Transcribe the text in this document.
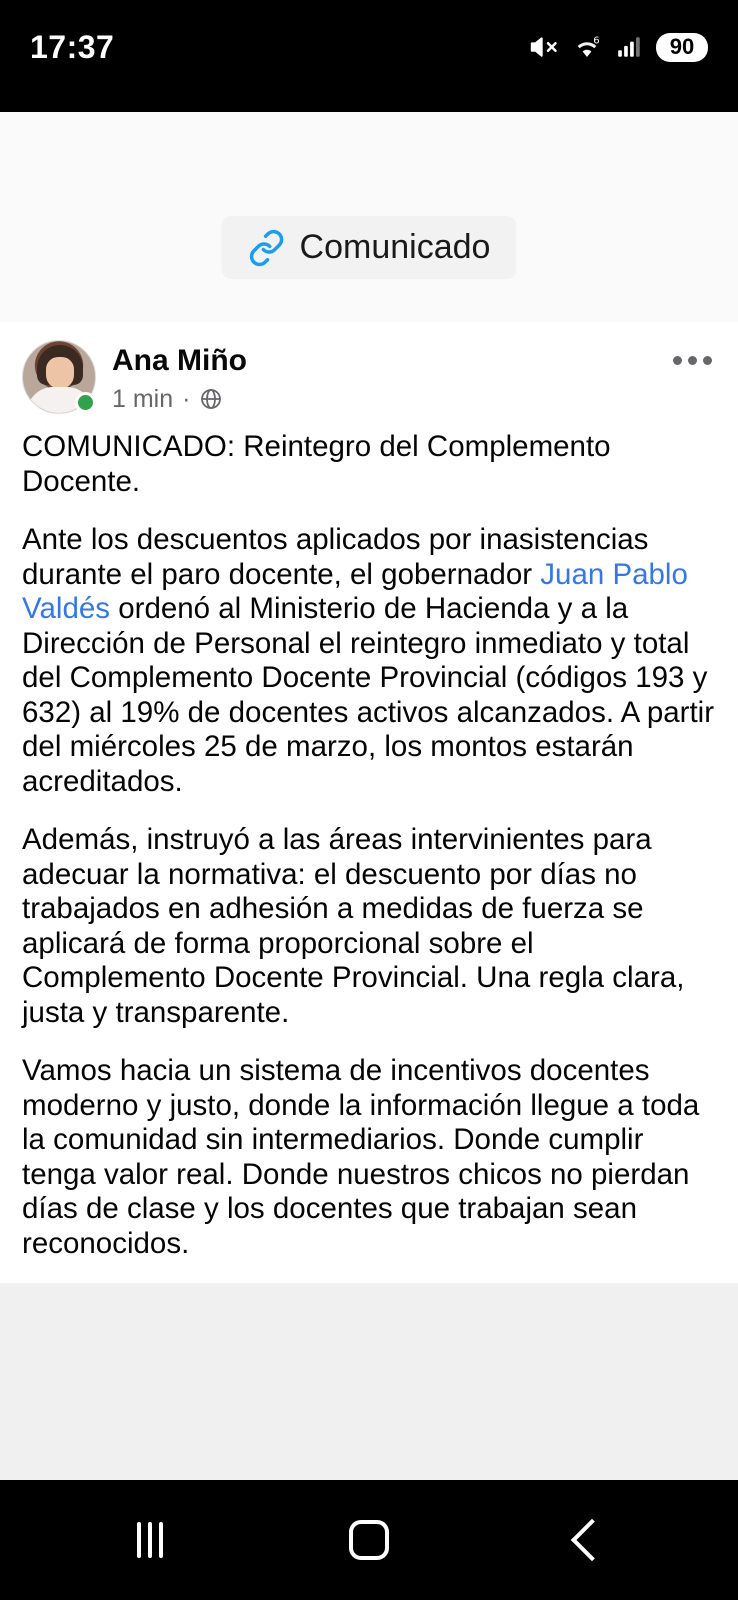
17:37	6	90
Comunicado
Ana Miño
1 min ·

COMUNICADO: Reintegro del Complemento Docente.

Ante los descuentos aplicados por inasistencias durante el paro docente, el gobernador Juan Pablo Valdés ordenó al Ministerio de Hacienda y a la Dirección de Personal el reintegro inmediato y total del Complemento Docente Provincial (códigos 193 y 632) al 19% de docentes activos alcanzados. A partir del miércoles 25 de marzo, los montos estarán acreditados.

Además, instruyó a las áreas intervinientes para adecuar la normativa: el descuento por días no trabajados en adhesión a medidas de fuerza se aplicará de forma proporcional sobre el Complemento Docente Provincial. Una regla clara, justa y transparente.

Vamos hacia un sistema de incentivos docentes moderno y justo, donde la información llegue a toda la comunidad sin intermediarios. Donde cumplir tenga valor real. Donde nuestros chicos no pierdan días de clase y los docentes que trabajan sean reconocidos.
